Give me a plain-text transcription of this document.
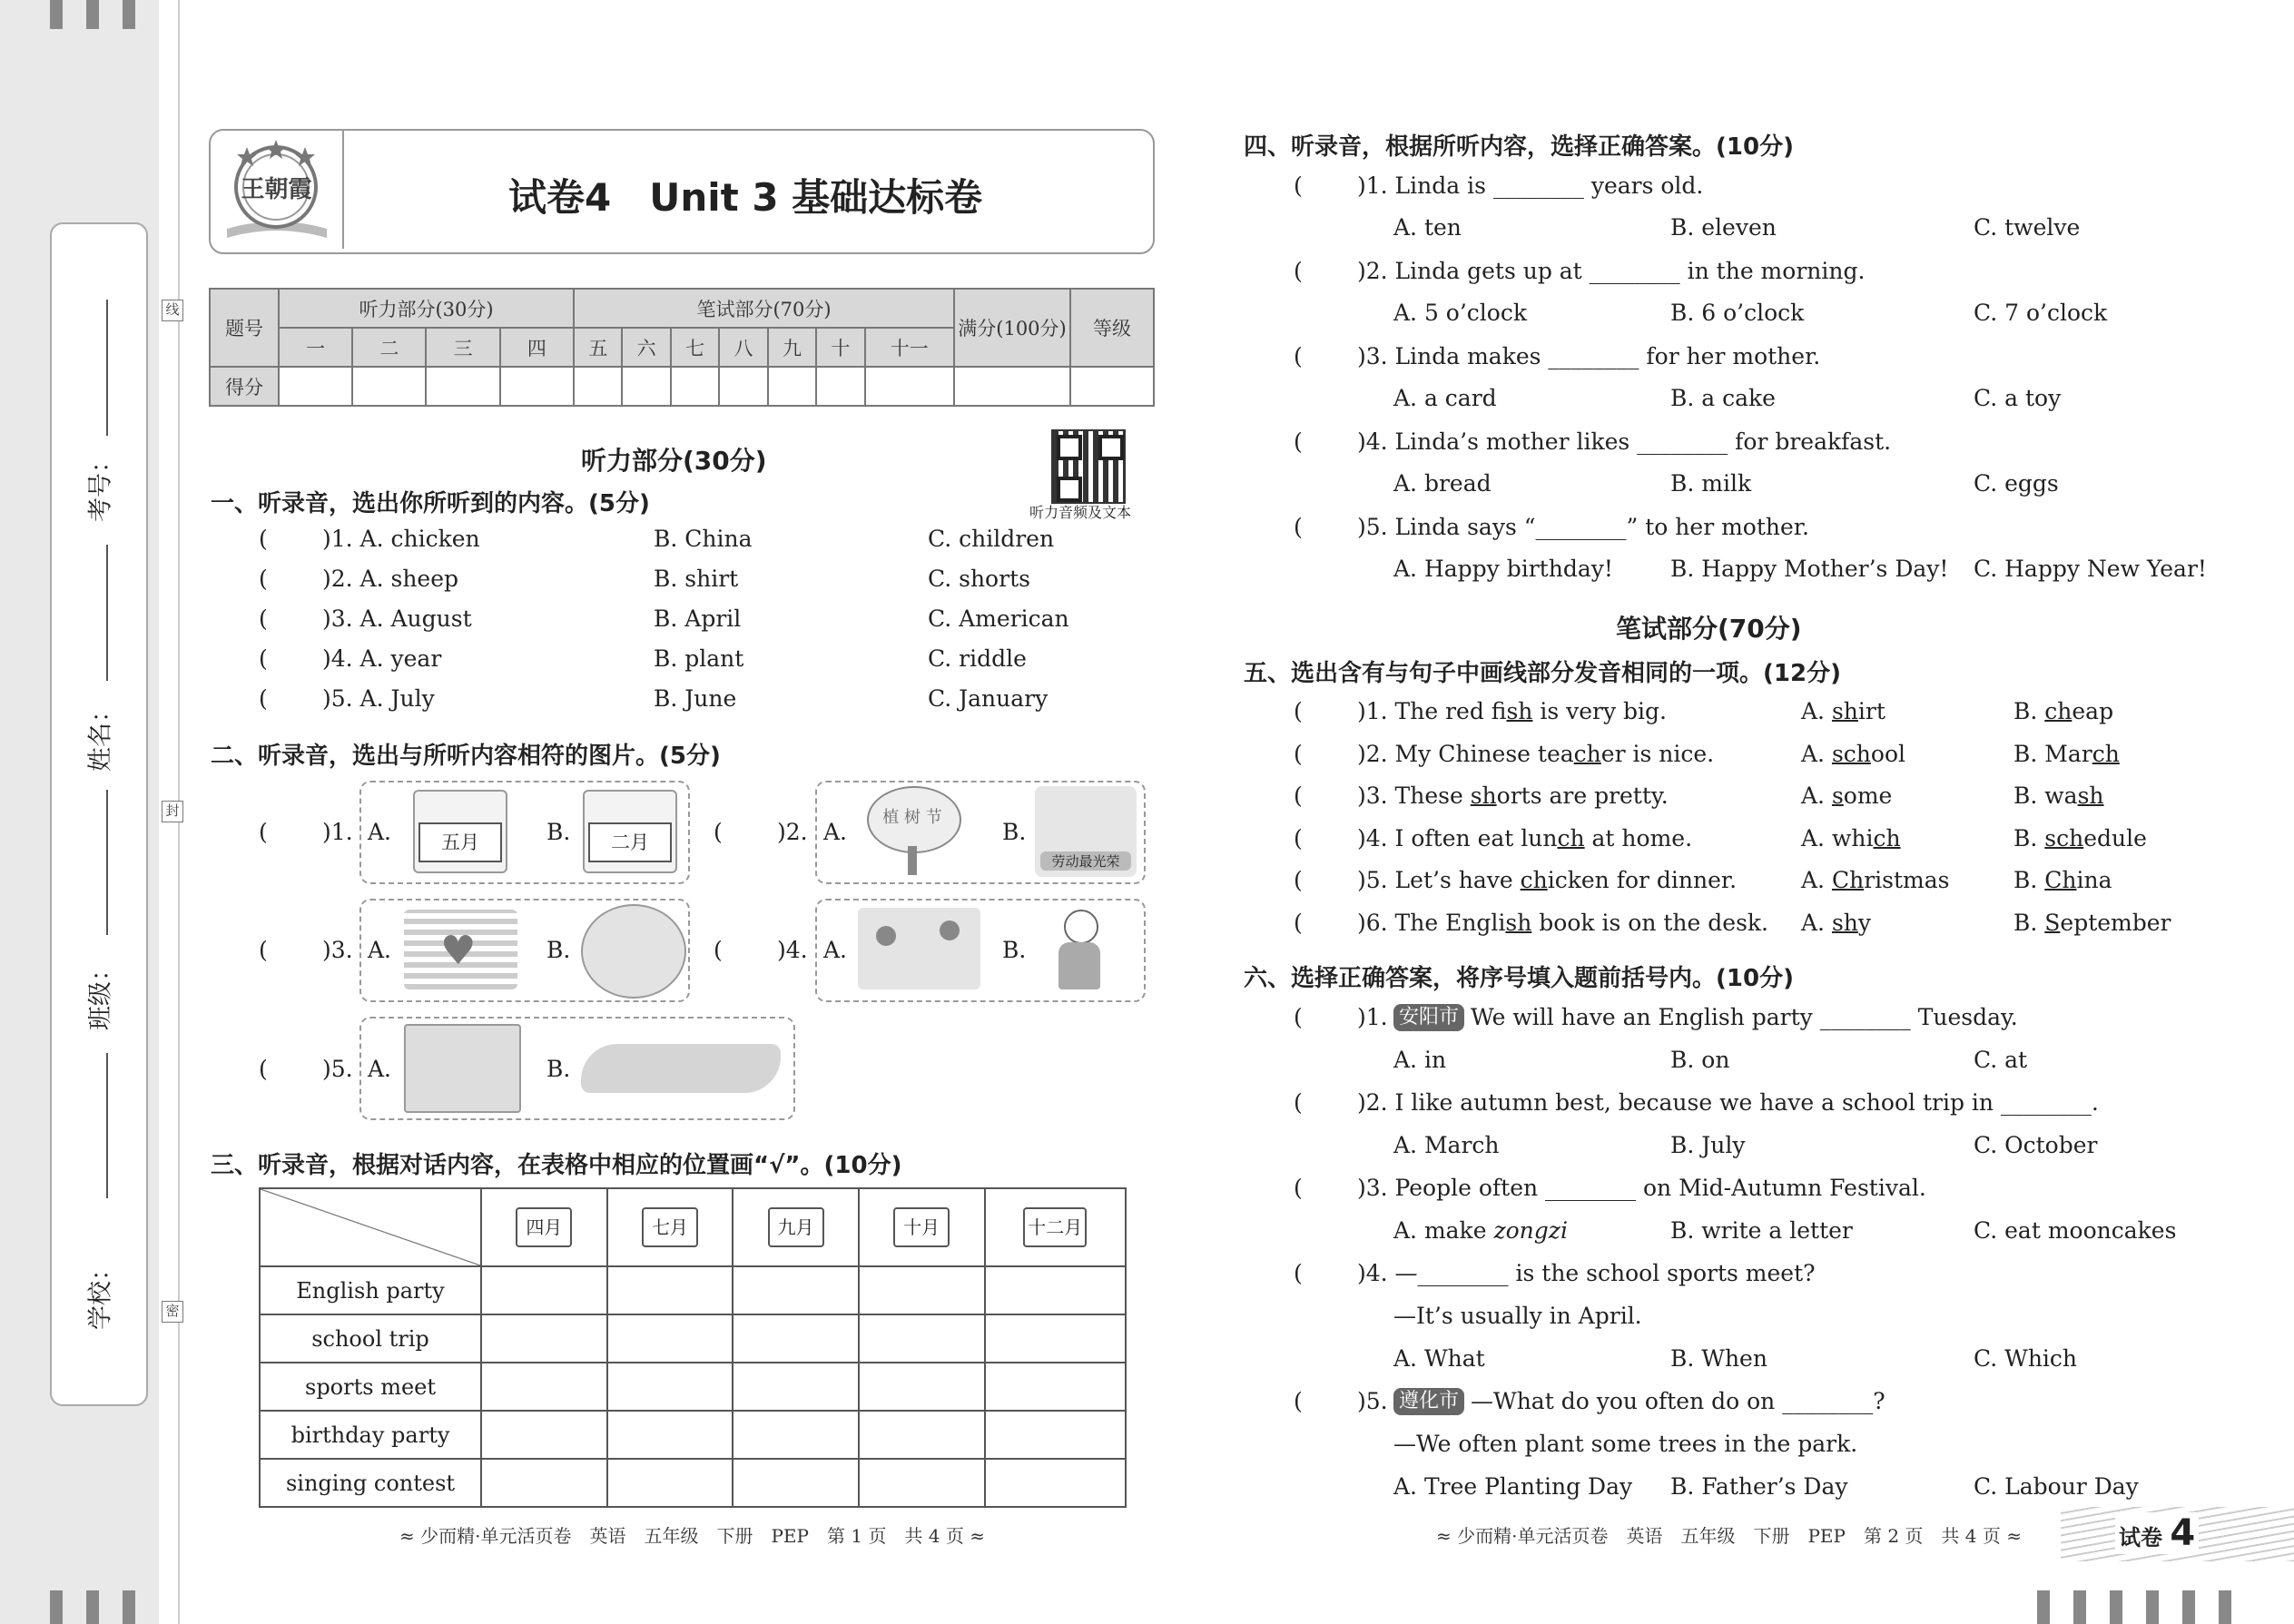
考号：
姓名：
班级：
学校：
线
封
密
王朝霞	试卷4　Unit 3 基础达标卷
题号	听力部分(30分)				笔试部分(70分)							满分(100分)	等级
	一	二	三	四	五	六	七	八	九	十	十一		
得分													
听力部分(30分)
听力音频及文本
一、听录音，选出你所听到的内容。(5分)
( )1. A. chicken	B. China	C. children
( )2. A. sheep	B. shirt	C. shorts
( )3. A. August	B. April	C. American
( )4. A. year	B. plant	C. riddle
( )5. A. July	B. June	C. January
二、听录音，选出与所听内容相符的图片。(5分)
( )1. A.	五月	B.	二月	( )2. A.
植 树 节
B.
劳动最光荣
( )3. A. ♥	B.	( )4. A.	B.
( )5. A.	B.
三、听录音，根据对话内容，在表格中相应的位置画“√”。(10分)
	四月	七月	九月	十月	十二月
English party					
school trip					
sports meet					
birthday party					
singing contest					
≈ 少而精·单元活页卷　英语　五年级　下册　PEP　第 1 页　共 4 页 ≈
四、听录音，根据所听内容，选择正确答案。(10分)
( )1. Linda is ________ years old.
A. ten	B. eleven	C. twelve
( )2. Linda gets up at ________ in the morning.
A. 5 o’clock	B. 6 o’clock	C. 7 o’clock
( )3. Linda makes ________ for her mother.
A. a card	B. a cake	C. a toy
( )4. Linda’s mother likes ________ for breakfast.
A. bread	B. milk	C. eggs
( )5. Linda says “________” to her mother.
A. Happy birthday!	B. Happy Mother’s Day! C. Happy New Year!
笔试部分(70分)
五、选出含有与句子中画线部分发音相同的一项。(12分)
( )1. The red fish is very big.	A. shirt	B. cheap
( )2. My Chinese teacher is nice.	A. school	B. March
( )3. These shorts are pretty.	A. some	B. wash
( )4. I often eat lunch at home.	A. which	B. schedule
( )5. Let’s have chicken for dinner.	A. Christmas	B. China
( )6. The English book is on the desk. A. shy	B. September
六、选择正确答案，将序号填入题前括号内。(10分)
( )1. 安阳市 We will have an English party ________ Tuesday.
A. in	B. on	C. at
( )2. I like autumn best, because we have a school trip in ________.
A. March	B. July	C. October
( )3. People often ________ on Mid-Autumn Festival.
A. make zongzi	B. write a letter	C. eat mooncakes
( )4. —________ is the school sports meet?
—It’s usually in April.
A. What	B. When	C. Which
( )5. 遵化市 —What do you often do on ________?
—We often plant some trees in the park.
A. Tree Planting Day B. Father’s Day	C. Labour Day
≈ 少而精·单元活页卷　英语　五年级　下册　PEP　第 2 页　共 4 页 ≈	试卷 4
